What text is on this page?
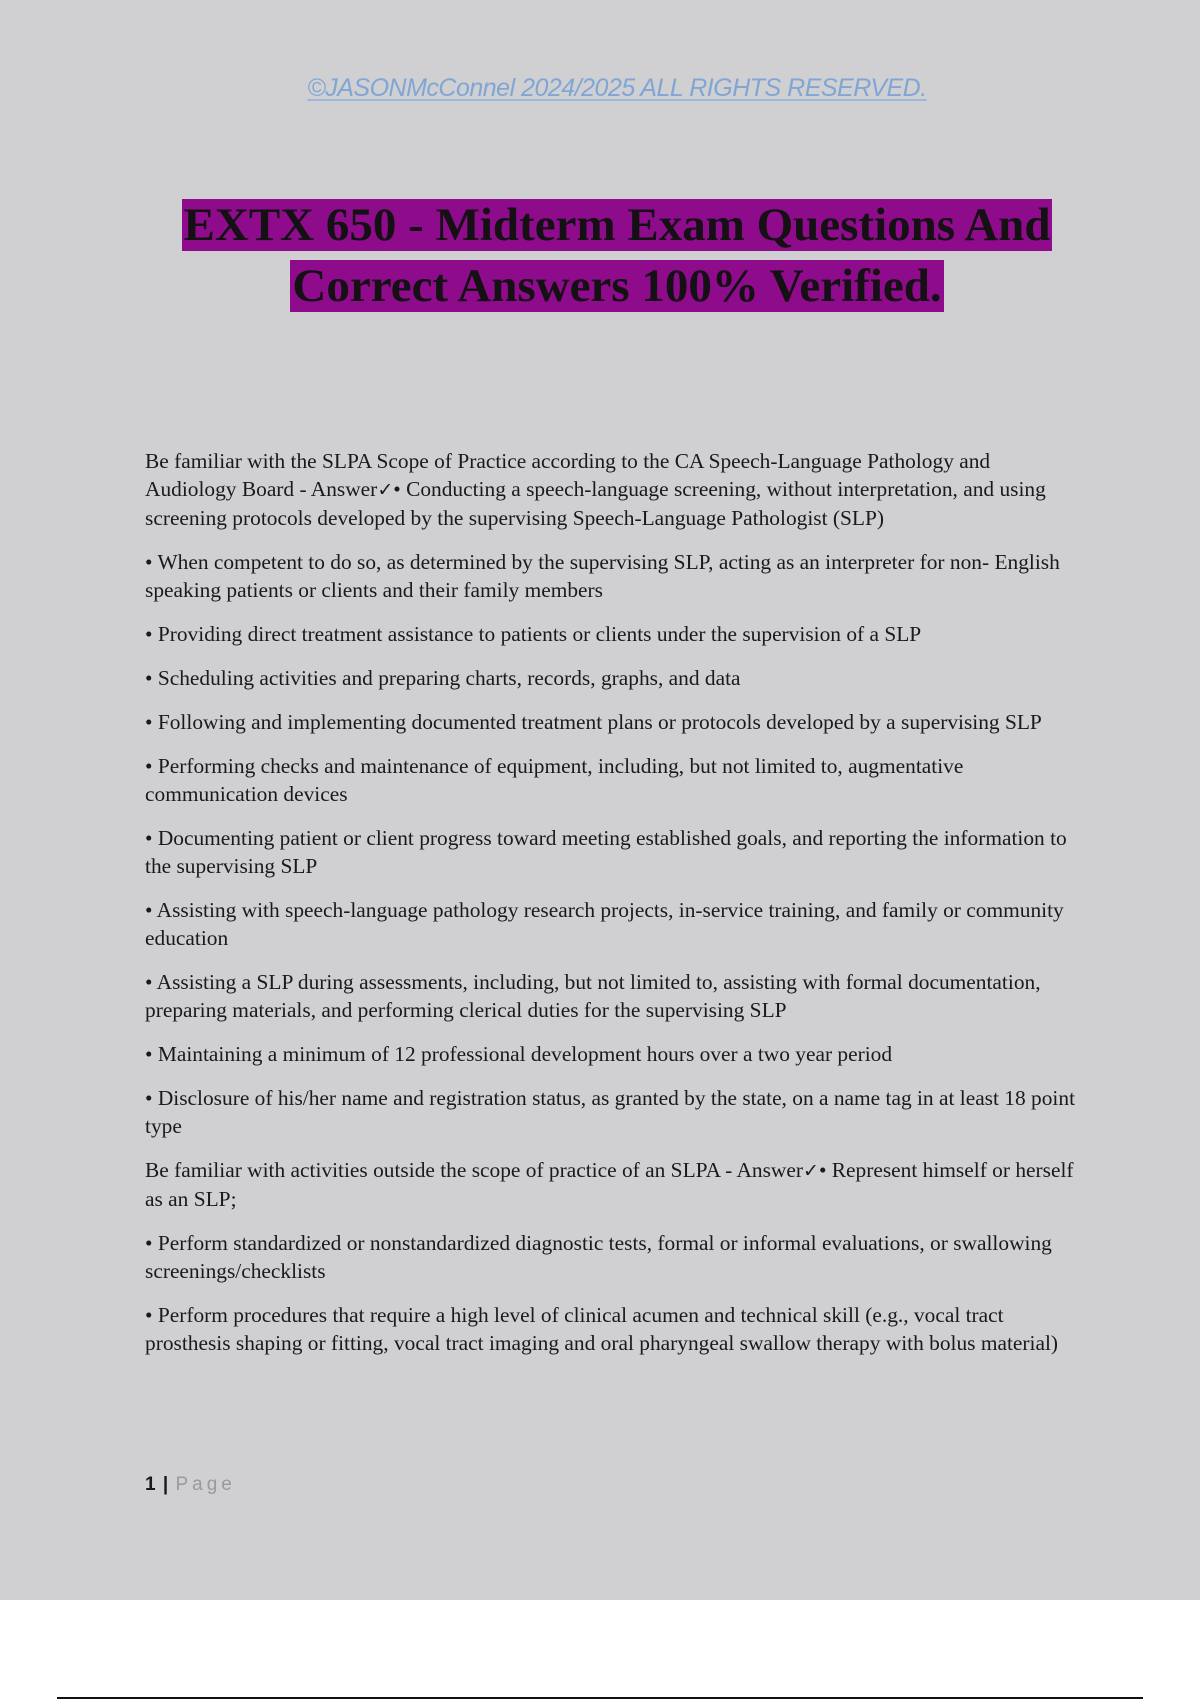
©JASONMcConnel 2024/2025 ALL RIGHTS RESERVED.
EXTX 650 - Midterm Exam Questions And
Correct Answers 100% Verified.

Be familiar with the SLPA Scope of Practice according to the CA Speech-Language Pathology and Audiology Board - Answer✓• Conducting a speech-language screening, without interpretation, and using screening protocols developed by the supervising Speech-Language Pathologist (SLP)

• When competent to do so, as determined by the supervising SLP, acting as an interpreter for non- English speaking patients or clients and their family members

• Providing direct treatment assistance to patients or clients under the supervision of a SLP

• Scheduling activities and preparing charts, records, graphs, and data

• Following and implementing documented treatment plans or protocols developed by a supervising SLP

• Performing checks and maintenance of equipment, including, but not limited to, augmentative communication devices

• Documenting patient or client progress toward meeting established goals, and reporting the information to the supervising SLP

• Assisting with speech-language pathology research projects, in-service training, and family or community education

• Assisting a SLP during assessments, including, but not limited to, assisting with formal documentation, preparing materials, and performing clerical duties for the supervising SLP

• Maintaining a minimum of 12 professional development hours over a two year period

• Disclosure of his/her name and registration status, as granted by the state, on a name tag in at least 18 point type

Be familiar with activities outside the scope of practice of an SLPA - Answer✓• Represent himself or herself as an SLP;

• Perform standardized or nonstandardized diagnostic tests, formal or informal evaluations, or swallowing screenings/checklists

• Perform procedures that require a high level of clinical acumen and technical skill (e.g., vocal tract prosthesis shaping or fitting, vocal tract imaging and oral pharyngeal swallow therapy with bolus material)

1 | Page
